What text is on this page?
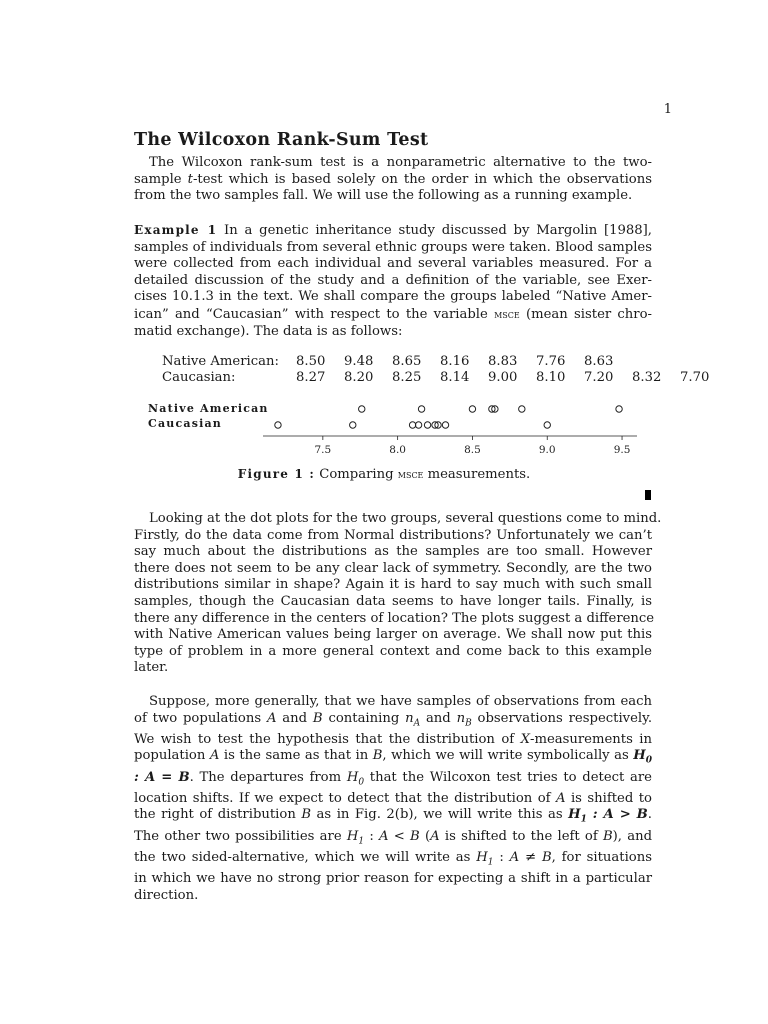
1
The Wilcoxon Rank-Sum Test
The Wilcoxon rank-sum test is a nonparametric alternative to the two-
sample t-test which is based solely on the order in which the observations
from the two samples fall. We will use the following as a running example.
Example 1 In a genetic inheritance study discussed by Margolin [1988],
samples of individuals from several ethnic groups were taken. Blood samples
were collected from each individual and several variables measured. For a
detailed discussion of the study and a definition of the variable, see Exer-
cises 10.1.3 in the text. We shall compare the groups labeled “Native Amer-
ican” and “Caucasian” with respect to the variable msce (mean sister chro-
matid exchange). The data is as follows:
Native American:	8.50	9.48	8.65	8.16	8.83	7.76	8.63		
Caucasian:	8.27	8.20	8.25	8.14	9.00	8.10	7.20	8.32	7.70
Native American
Caucasian
7.5	8.0	8.5	9.0	9.5
Figure 1 : Comparing msce measurements.
Looking at the dot plots for the two groups, several questions come to mind.
Firstly, do the data come from Normal distributions? Unfortunately we can’t
say much about the distributions as the samples are too small. However
there does not seem to be any clear lack of symmetry. Secondly, are the two
distributions similar in shape? Again it is hard to say much with such small
samples, though the Caucasian data seems to have longer tails. Finally, is
there any difference in the centers of location? The plots suggest a difference
with Native American values being larger on average. We shall now put this
type of problem in a more general context and come back to this example
later.
Suppose, more generally, that we have samples of observations from each
of two populations A and B containing $n_A$ and $n_B$ observations respectively.
We wish to test the hypothesis that the distribution of X-measurements in
population A is the same as that in B, which we will write symbolically as $H_0$
: A = B. The departures from $H_0$ that the Wilcoxon test tries to detect are
location shifts. If we expect to detect that the distribution of A is shifted to
the right of distribution B as in Fig. 2(b), we will write this as $H_1$ : A > B.
The other two possibilities are $H_1$ : A < B (A is shifted to the left of B), and
the two sided-alternative, which we will write as $H_1$ : A ≠ B, for situations
in which we have no strong prior reason for expecting a shift in a particular
direction.
